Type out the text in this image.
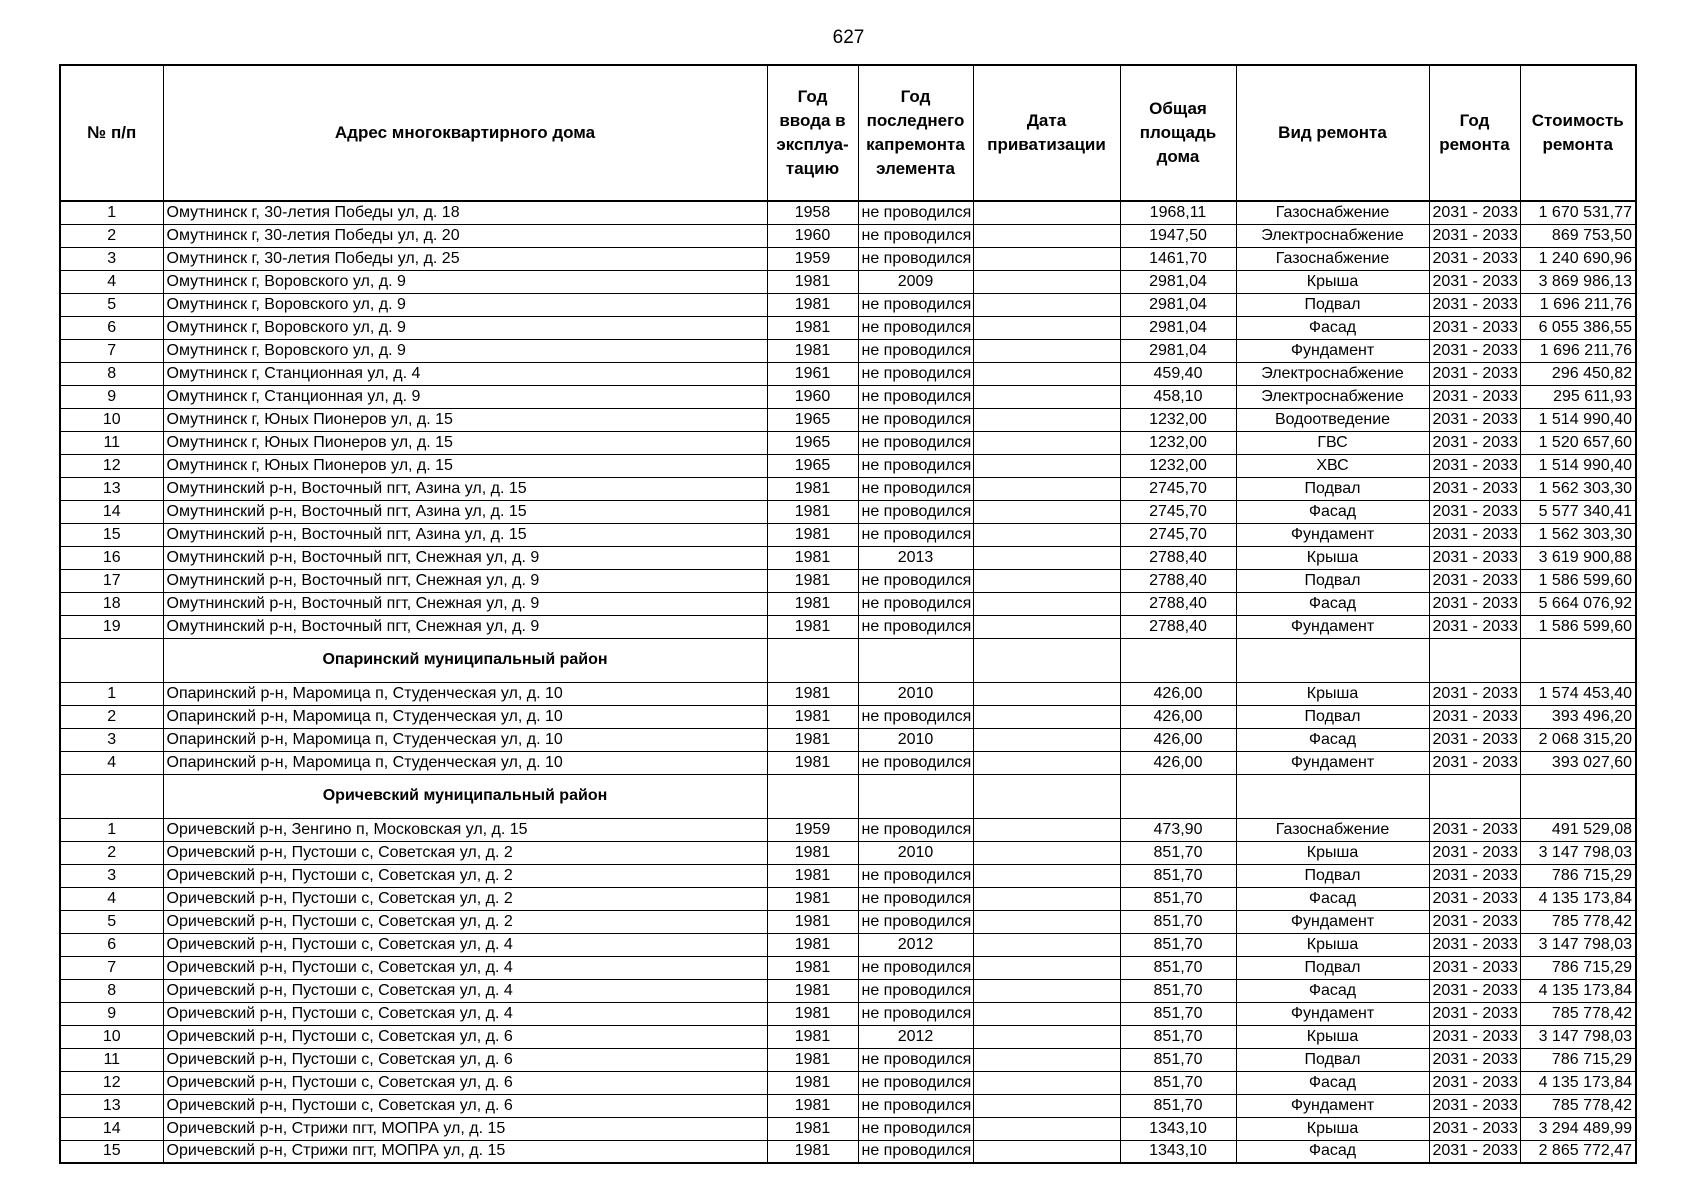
627
№ п/п	Адрес многоквартирного дома	Год ввода в эксплуа-тацию	Год последнего капремонта элемента	Дата приватизации	Общая площадь дома	Вид ремонта	Год ремонта	Стоимость ремонта
1	Омутнинск г, 30-летия Победы ул, д. 18	1958	не проводился		1968,11	Газоснабжение	2031 - 2033	1 670 531,77
2	Омутнинск г, 30-летия Победы ул, д. 20	1960	не проводился		1947,50	Электроснабжение	2031 - 2033	869 753,50
3	Омутнинск г, 30-летия Победы ул, д. 25	1959	не проводился		1461,70	Газоснабжение	2031 - 2033	1 240 690,96
4	Омутнинск г, Воровского ул, д. 9	1981	2009		2981,04	Крыша	2031 - 2033	3 869 986,13
5	Омутнинск г, Воровского ул, д. 9	1981	не проводился		2981,04	Подвал	2031 - 2033	1 696 211,76
6	Омутнинск г, Воровского ул, д. 9	1981	не проводился		2981,04	Фасад	2031 - 2033	6 055 386,55
7	Омутнинск г, Воровского ул, д. 9	1981	не проводился		2981,04	Фундамент	2031 - 2033	1 696 211,76
8	Омутнинск г, Станционная ул, д. 4	1961	не проводился		459,40	Электроснабжение	2031 - 2033	296 450,82
9	Омутнинск г, Станционная ул, д. 9	1960	не проводился		458,10	Электроснабжение	2031 - 2033	295 611,93
10	Омутнинск г, Юных Пионеров ул, д. 15	1965	не проводился		1232,00	Водоотведение	2031 - 2033	1 514 990,40
11	Омутнинск г, Юных Пионеров ул, д. 15	1965	не проводился		1232,00	ГВС	2031 - 2033	1 520 657,60
12	Омутнинск г, Юных Пионеров ул, д. 15	1965	не проводился		1232,00	ХВС	2031 - 2033	1 514 990,40
13	Омутнинский р-н, Восточный пгт, Азина ул, д. 15	1981	не проводился		2745,70	Подвал	2031 - 2033	1 562 303,30
14	Омутнинский р-н, Восточный пгт, Азина ул, д. 15	1981	не проводился		2745,70	Фасад	2031 - 2033	5 577 340,41
15	Омутнинский р-н, Восточный пгт, Азина ул, д. 15	1981	не проводился		2745,70	Фундамент	2031 - 2033	1 562 303,30
16	Омутнинский р-н, Восточный пгт, Снежная ул, д. 9	1981	2013		2788,40	Крыша	2031 - 2033	3 619 900,88
17	Омутнинский р-н, Восточный пгт, Снежная ул, д. 9	1981	не проводился		2788,40	Подвал	2031 - 2033	1 586 599,60
18	Омутнинский р-н, Восточный пгт, Снежная ул, д. 9	1981	не проводился		2788,40	Фасад	2031 - 2033	5 664 076,92
19	Омутнинский р-н, Восточный пгт, Снежная ул, д. 9	1981	не проводился		2788,40	Фундамент	2031 - 2033	1 586 599,60
	Опаринский муниципальный район							
1	Опаринский р-н, Маромица п, Студенческая ул, д. 10	1981	2010		426,00	Крыша	2031 - 2033	1 574 453,40
2	Опаринский р-н, Маромица п, Студенческая ул, д. 10	1981	не проводился		426,00	Подвал	2031 - 2033	393 496,20
3	Опаринский р-н, Маромица п, Студенческая ул, д. 10	1981	2010		426,00	Фасад	2031 - 2033	2 068 315,20
4	Опаринский р-н, Маромица п, Студенческая ул, д. 10	1981	не проводился		426,00	Фундамент	2031 - 2033	393 027,60
	Оричевский муниципальный район							
1	Оричевский р-н, Зенгино п, Московская ул, д. 15	1959	не проводился		473,90	Газоснабжение	2031 - 2033	491 529,08
2	Оричевский р-н, Пустоши с, Советская ул, д. 2	1981	2010		851,70	Крыша	2031 - 2033	3 147 798,03
3	Оричевский р-н, Пустоши с, Советская ул, д. 2	1981	не проводился		851,70	Подвал	2031 - 2033	786 715,29
4	Оричевский р-н, Пустоши с, Советская ул, д. 2	1981	не проводился		851,70	Фасад	2031 - 2033	4 135 173,84
5	Оричевский р-н, Пустоши с, Советская ул, д. 2	1981	не проводился		851,70	Фундамент	2031 - 2033	785 778,42
6	Оричевский р-н, Пустоши с, Советская ул, д. 4	1981	2012		851,70	Крыша	2031 - 2033	3 147 798,03
7	Оричевский р-н, Пустоши с, Советская ул, д. 4	1981	не проводился		851,70	Подвал	2031 - 2033	786 715,29
8	Оричевский р-н, Пустоши с, Советская ул, д. 4	1981	не проводился		851,70	Фасад	2031 - 2033	4 135 173,84
9	Оричевский р-н, Пустоши с, Советская ул, д. 4	1981	не проводился		851,70	Фундамент	2031 - 2033	785 778,42
10	Оричевский р-н, Пустоши с, Советская ул, д. 6	1981	2012		851,70	Крыша	2031 - 2033	3 147 798,03
11	Оричевский р-н, Пустоши с, Советская ул, д. 6	1981	не проводился		851,70	Подвал	2031 - 2033	786 715,29
12	Оричевский р-н, Пустоши с, Советская ул, д. 6	1981	не проводился		851,70	Фасад	2031 - 2033	4 135 173,84
13	Оричевский р-н, Пустоши с, Советская ул, д. 6	1981	не проводился		851,70	Фундамент	2031 - 2033	785 778,42
14	Оричевский р-н, Стрижи пгт, МОПРА ул, д. 15	1981	не проводился		1343,10	Крыша	2031 - 2033	3 294 489,99
15	Оричевский р-н, Стрижи пгт, МОПРА ул, д. 15	1981	не проводился		1343,10	Фасад	2031 - 2033	2 865 772,47
